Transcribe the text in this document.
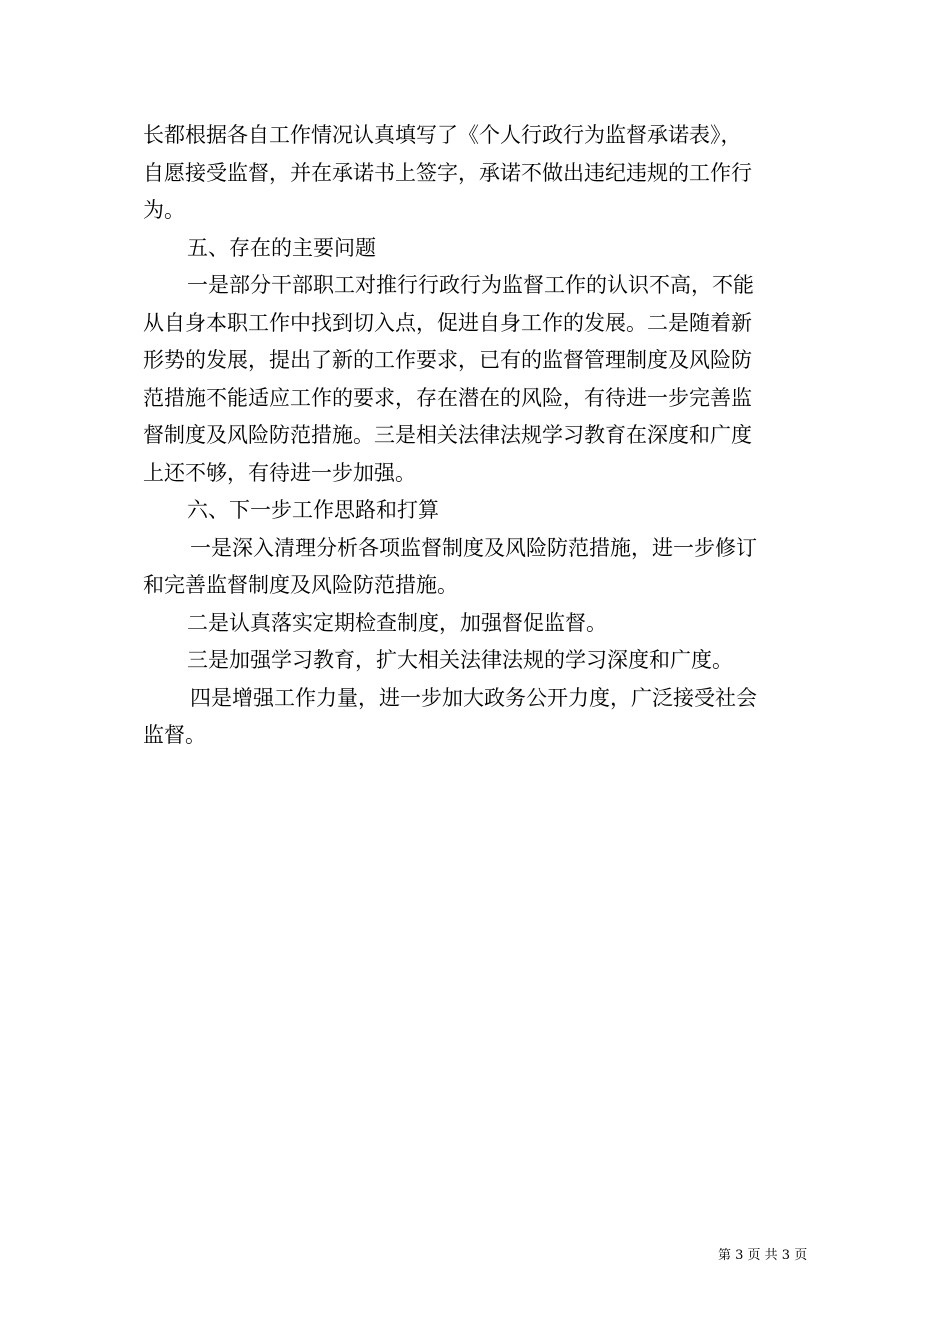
长都根据各自工作情况认真填写了《个人行政行为监督承诺表》，
自愿接受监督，并在承诺书上签字，承诺不做出违纪违规的工作行
为。
五、存在的主要问题
一是部分干部职工对推行行政行为监督工作的认识不高，不能
从自身本职工作中找到切入点，促进自身工作的发展。二是随着新
形势的发展，提出了新的工作要求，已有的监督管理制度及风险防
范措施不能适应工作的要求，存在潜在的风险，有待进一步完善监
督制度及风险防范措施。三是相关法律法规学习教育在深度和广度
上还不够，有待进一步加强。
六、下一步工作思路和打算
一是深入清理分析各项监督制度及风险防范措施，进一步修订
和完善监督制度及风险防范措施。
二是认真落实定期检查制度，加强督促监督。
三是加强学习教育，扩大相关法律法规的学习深度和广度。
四是增强工作力量，进一步加大政务公开力度，广泛接受社会
监督。
第 3 页 共 3 页
